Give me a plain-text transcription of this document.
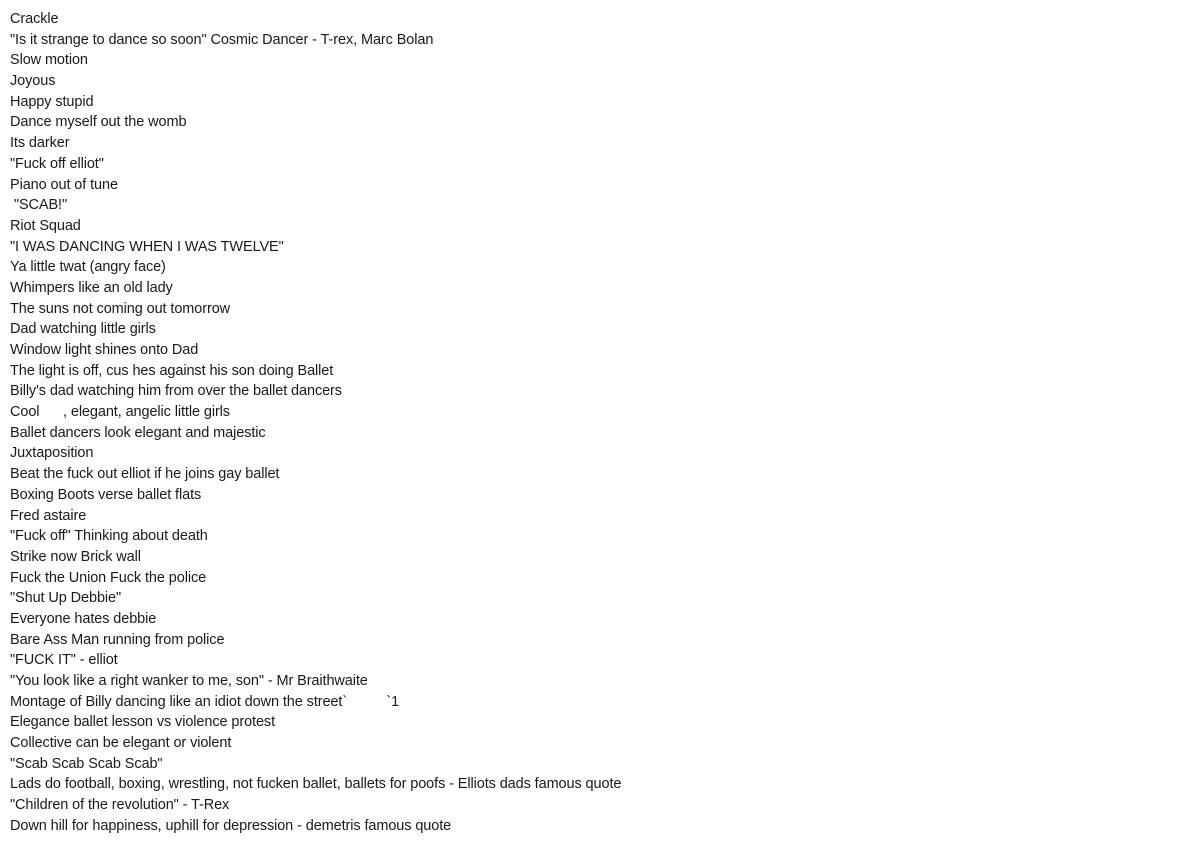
Crackle
"Is it strange to dance so soon" Cosmic Dancer - T-rex, Marc Bolan
Slow motion
Joyous
Happy stupid
Dance myself out the womb
Its darker
"Fuck off elliot"
Piano out of tune
"SCAB!"
Riot Squad
"I WAS DANCING WHEN I WAS TWELVE"
Ya little twat (angry face)
Whimpers like an old lady
The suns not coming out tomorrow
Dad watching little girls
Window light shines onto Dad
The light is off, cus hes against his son doing Ballet
Billy's dad watching him from over the ballet dancers
Cool      , elegant, angelic little girls
Ballet dancers look elegant and majestic
Juxtaposition
Beat the fuck out elliot if he joins gay ballet
Boxing Boots verse ballet flats
Fred astaire
"Fuck off" Thinking about death
Strike now Brick wall
Fuck the Union Fuck the police
"Shut Up Debbie"
Everyone hates debbie
Bare Ass Man running from police
"FUCK IT" - elliot
"You look like a right wanker to me, son" - Mr Braithwaite
Montage of Billy dancing like an idiot down the street`          `1
Elegance ballet lesson vs violence protest
Collective can be elegant or violent
"Scab Scab Scab Scab"
Lads do football, boxing, wrestling, not fucken ballet, ballets for poofs - Elliots dads famous quote
"Children of the revolution" - T-Rex
Down hill for happiness, uphill for depression - demetris famous quote
